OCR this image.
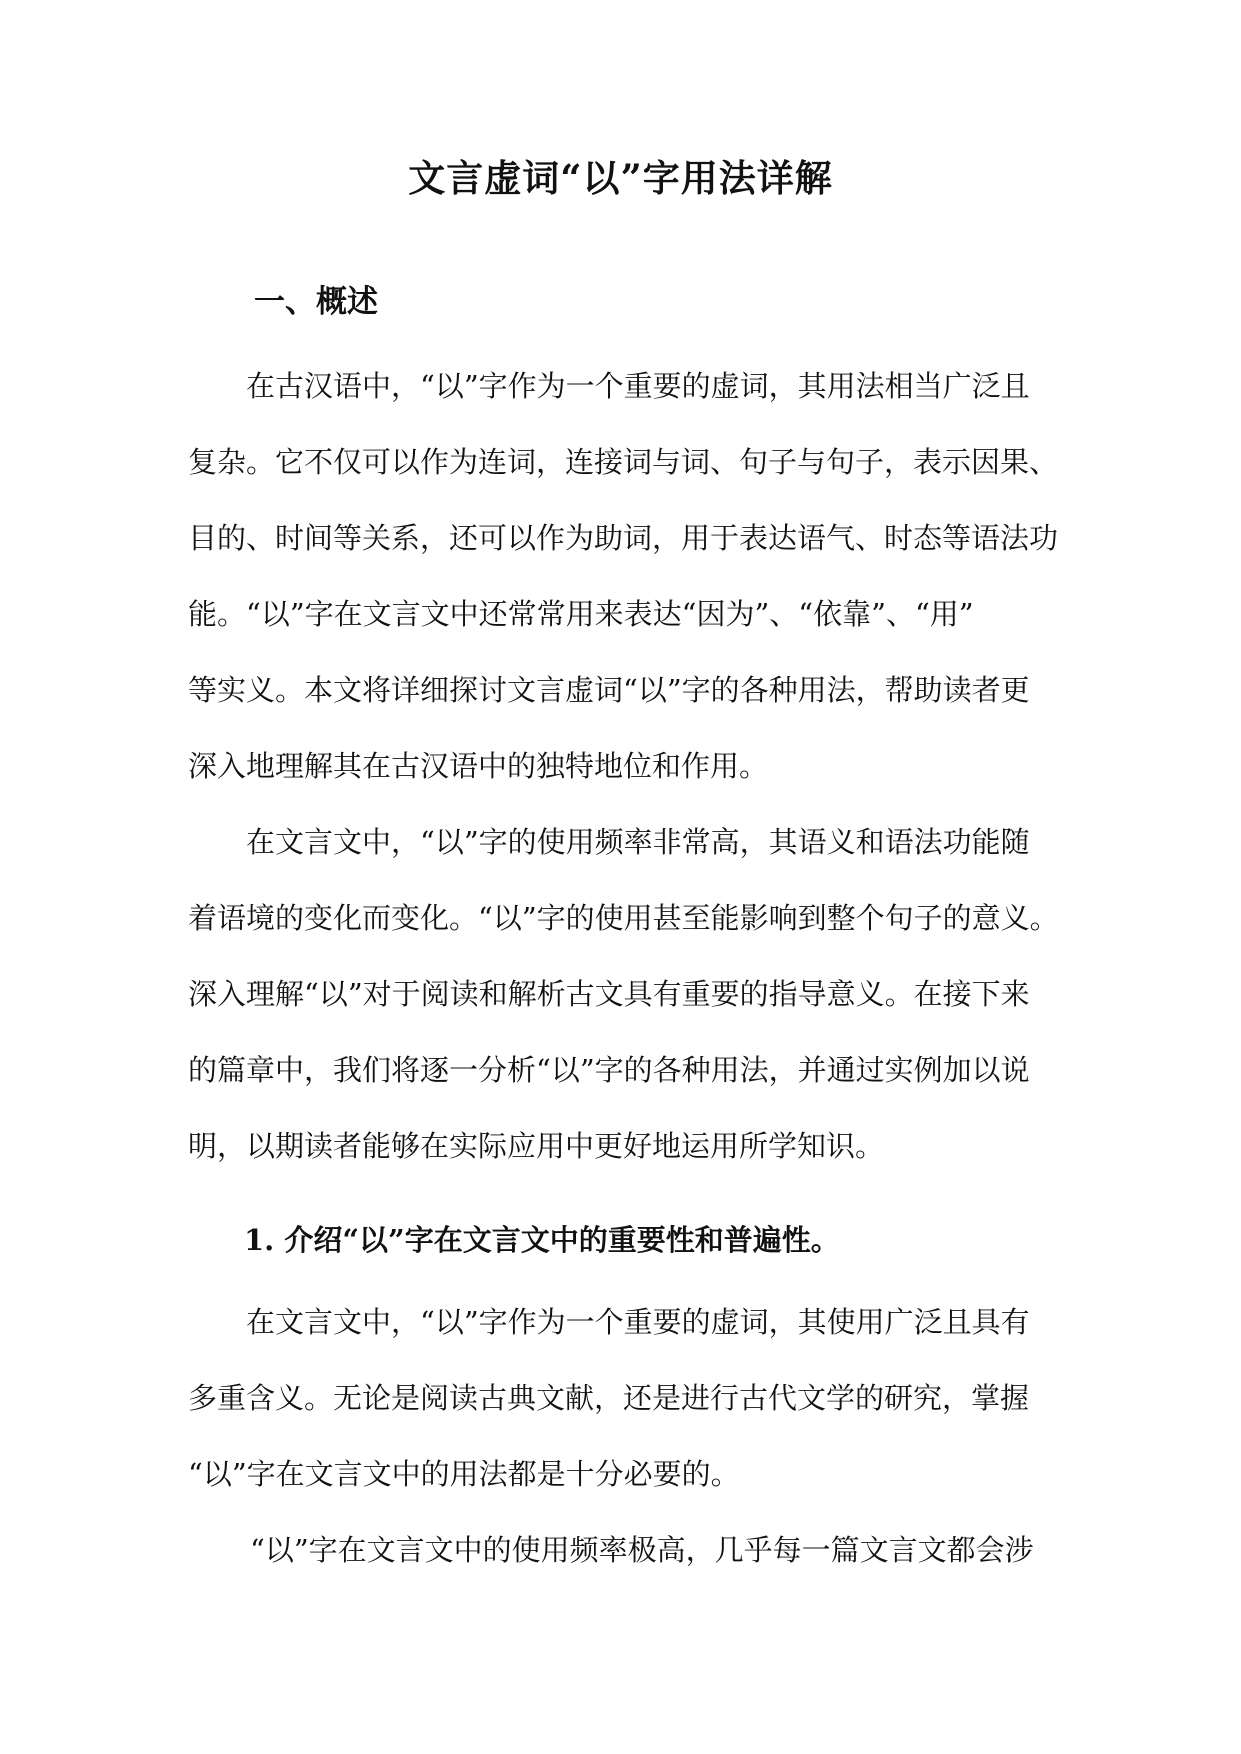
文言虚词“以”字用法详解
一、概述

在古汉语中，“以”字作为一个重要的虚词，其用法相当广泛且

复杂。它不仅可以作为连词，连接词与词、句子与句子，表示因果、

目的、时间等关系，还可以作为助词，用于表达语气、时态等语法功

能。“以”字在文言文中还常常用来表达“因为”、“依靠”、“用”

等实义。本文将详细探讨文言虚词“以”字的各种用法，帮助读者更

深入地理解其在古汉语中的独特地位和作用。

在文言文中，“以”字的使用频率非常高，其语义和语法功能随

着语境的变化而变化。“以”字的使用甚至能影响到整个句子的意义。

深入理解“以”对于阅读和解析古文具有重要的指导意义。在接下来

的篇章中，我们将逐一分析“以”字的各种用法，并通过实例加以说

明，以期读者能够在实际应用中更好地运用所学知识。

1. 介绍“以”字在文言文中的重要性和普遍性。

在文言文中，“以”字作为一个重要的虚词，其使用广泛且具有

多重含义。无论是阅读古典文献，还是进行古代文学的研究，掌握

“以”字在文言文中的用法都是十分必要的。

“以”字在文言文中的使用频率极高，几乎每一篇文言文都会涉
